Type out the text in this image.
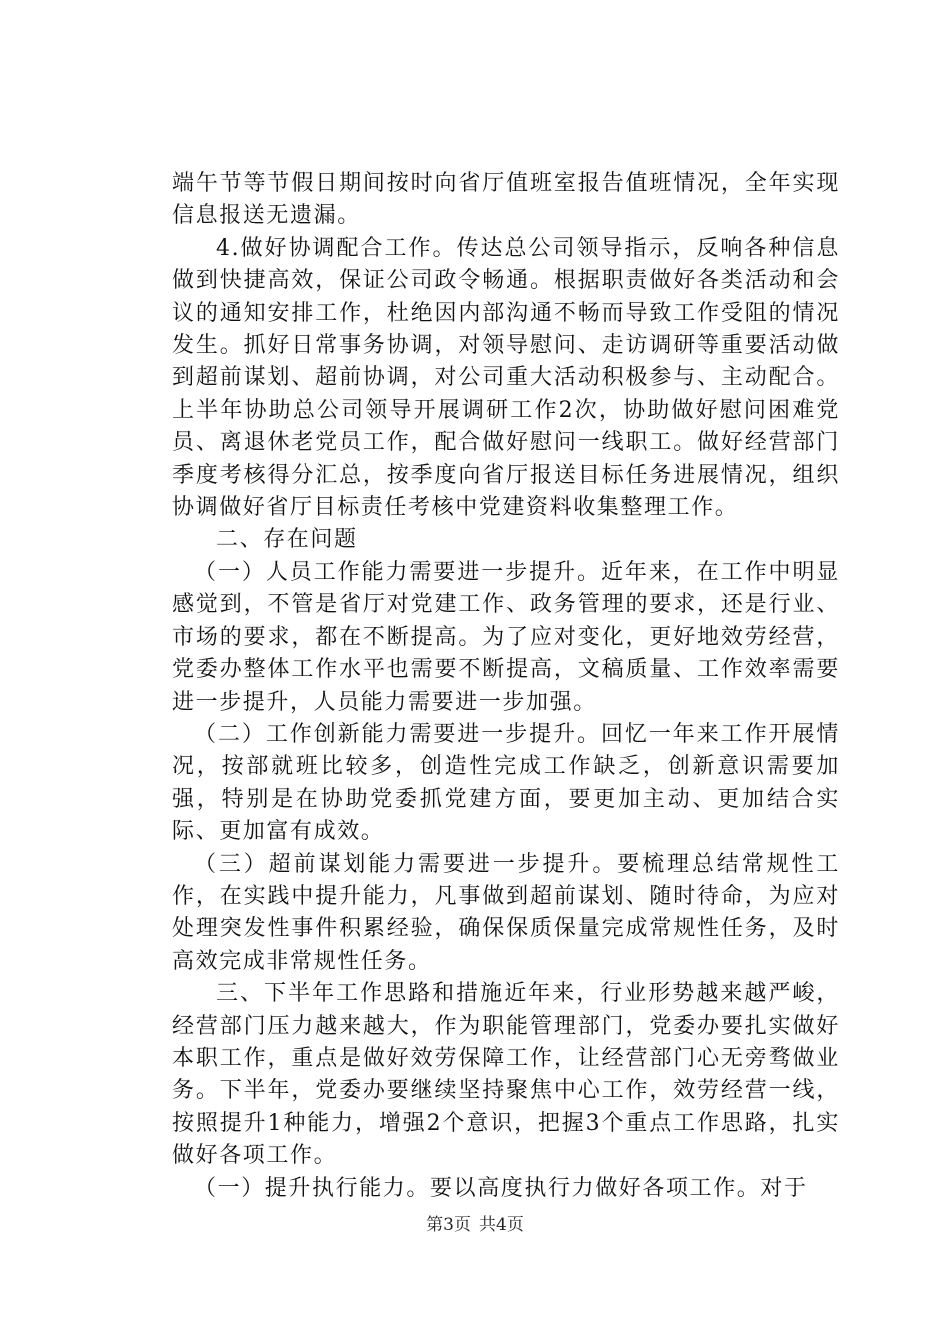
端午节等节假日期间按时向省厅值班室报告值班情况，全年实现信息报送无遗漏。

4.做好协调配合工作。传达总公司领导指示，反响各种信息做到快捷高效，保证公司政令畅通。根据职责做好各类活动和会议的通知安排工作，杜绝因内部沟通不畅而导致工作受阻的情况发生。抓好日常事务协调，对领导慰问、走访调研等重要活动做到超前谋划、超前协调，对公司重大活动积极参与、主动配合。上半年协助总公司领导开展调研工作2次，协助做好慰问困难党员、离退休老党员工作，配合做好慰问一线职工。做好经营部门季度考核得分汇总，按季度向省厅报送目标任务进展情况，组织协调做好省厅目标责任考核中党建资料收集整理工作。

二、存在问题

（一）人员工作能力需要进一步提升。近年来，在工作中明显感觉到，不管是省厅对党建工作、政务管理的要求，还是行业、市场的要求，都在不断提高。为了应对变化，更好地效劳经营，党委办整体工作水平也需要不断提高，文稿质量、工作效率需要进一步提升，人员能力需要进一步加强。

（二）工作创新能力需要进一步提升。回忆一年来工作开展情况，按部就班比较多，创造性完成工作缺乏，创新意识需要加强，特别是在协助党委抓党建方面，要更加主动、更加结合实际、更加富有成效。

（三）超前谋划能力需要进一步提升。要梳理总结常规性工作，在实践中提升能力，凡事做到超前谋划、随时待命，为应对处理突发性事件积累经验，确保保质保量完成常规性任务，及时高效完成非常规性任务。

三、下半年工作思路和措施近年来，行业形势越来越严峻，经营部门压力越来越大，作为职能管理部门，党委办要扎实做好本职工作，重点是做好效劳保障工作，让经营部门心无旁骛做业务。下半年，党委办要继续坚持聚焦中心工作，效劳经营一线，按照提升1种能力，增强2个意识，把握3个重点工作思路，扎实做好各项工作。

（一）提升执行能力。要以高度执行力做好各项工作。对于

第3页 共4页
